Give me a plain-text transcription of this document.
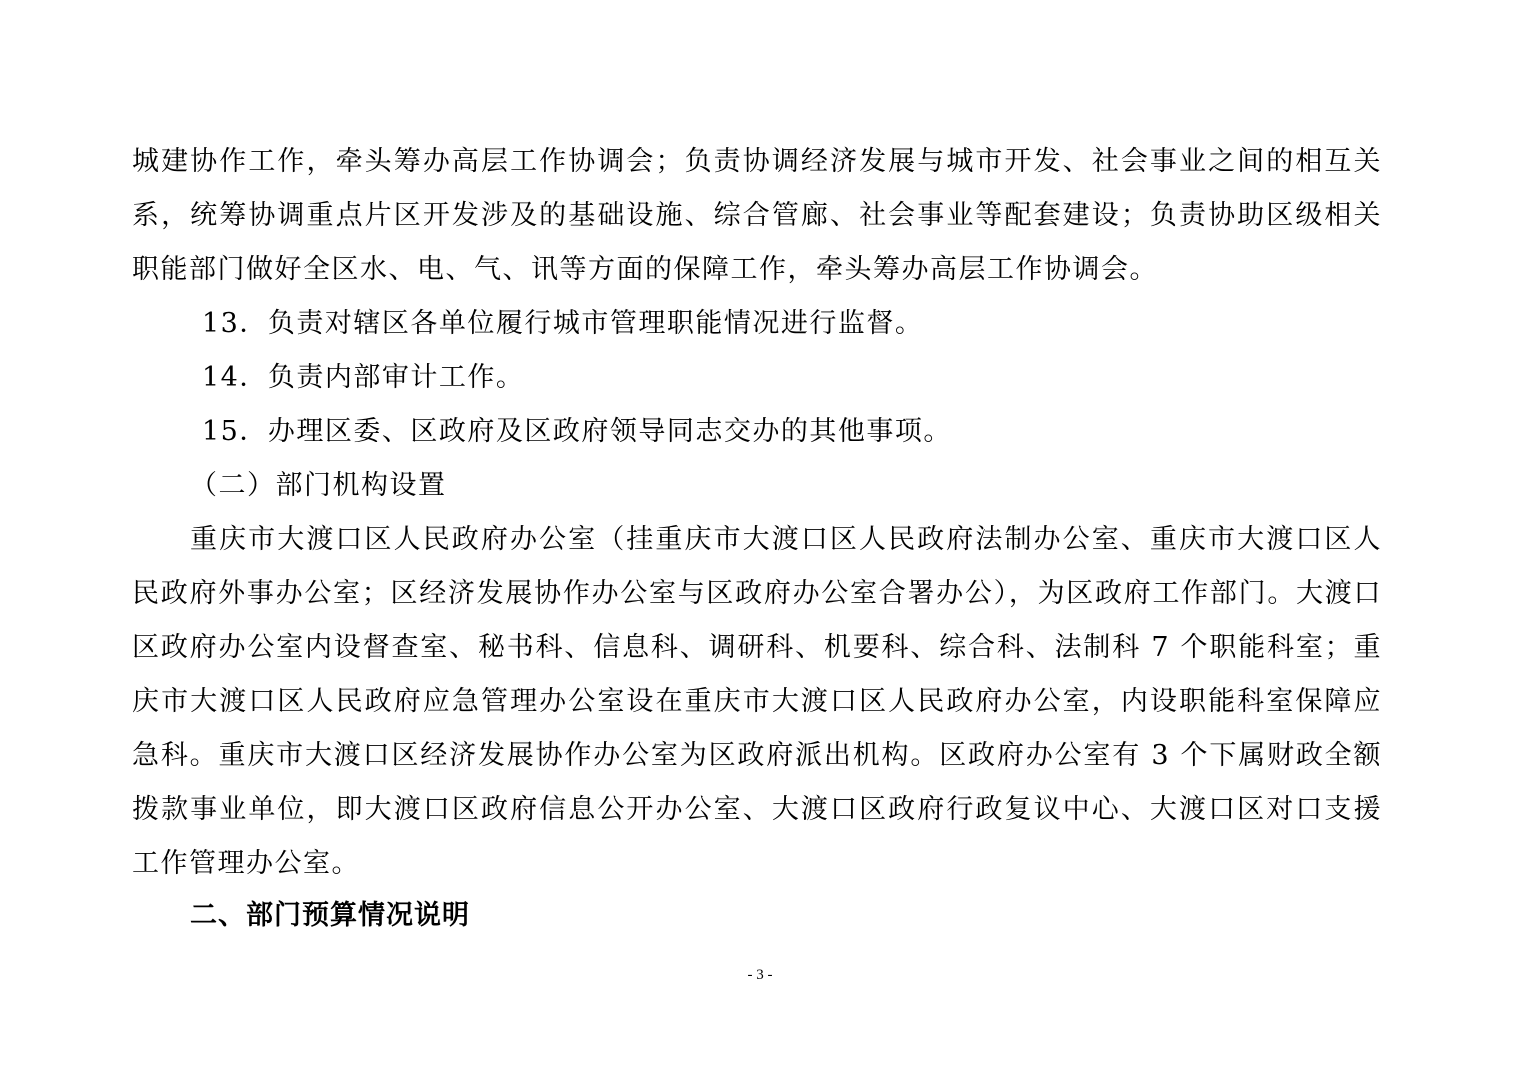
城建协作工作，牵头筹办高层工作协调会；负责协调经济发展与城市开发、社会事业之间的相互关
系，统筹协调重点片区开发涉及的基础设施、综合管廊、社会事业等配套建设；负责协助区级相关
职能部门做好全区水、电、气、讯等方面的保障工作，牵头筹办高层工作协调会。
13．负责对辖区各单位履行城市管理职能情况进行监督。
14．负责内部审计工作。
15．办理区委、区政府及区政府领导同志交办的其他事项。
（二）部门机构设置
重庆市大渡口区人民政府办公室（挂重庆市大渡口区人民政府法制办公室、重庆市大渡口区人
民政府外事办公室；区经济发展协作办公室与区政府办公室合署办公），为区政府工作部门。大渡口
区政府办公室内设督查室、秘书科、信息科、调研科、机要科、综合科、法制科 7 个职能科室；重
庆市大渡口区人民政府应急管理办公室设在重庆市大渡口区人民政府办公室，内设职能科室保障应
急科。重庆市大渡口区经济发展协作办公室为区政府派出机构。区政府办公室有 3 个下属财政全额
拨款事业单位，即大渡口区政府信息公开办公室、大渡口区政府行政复议中心、大渡口区对口支援
工作管理办公室。
二、部门预算情况说明
- 3 -
